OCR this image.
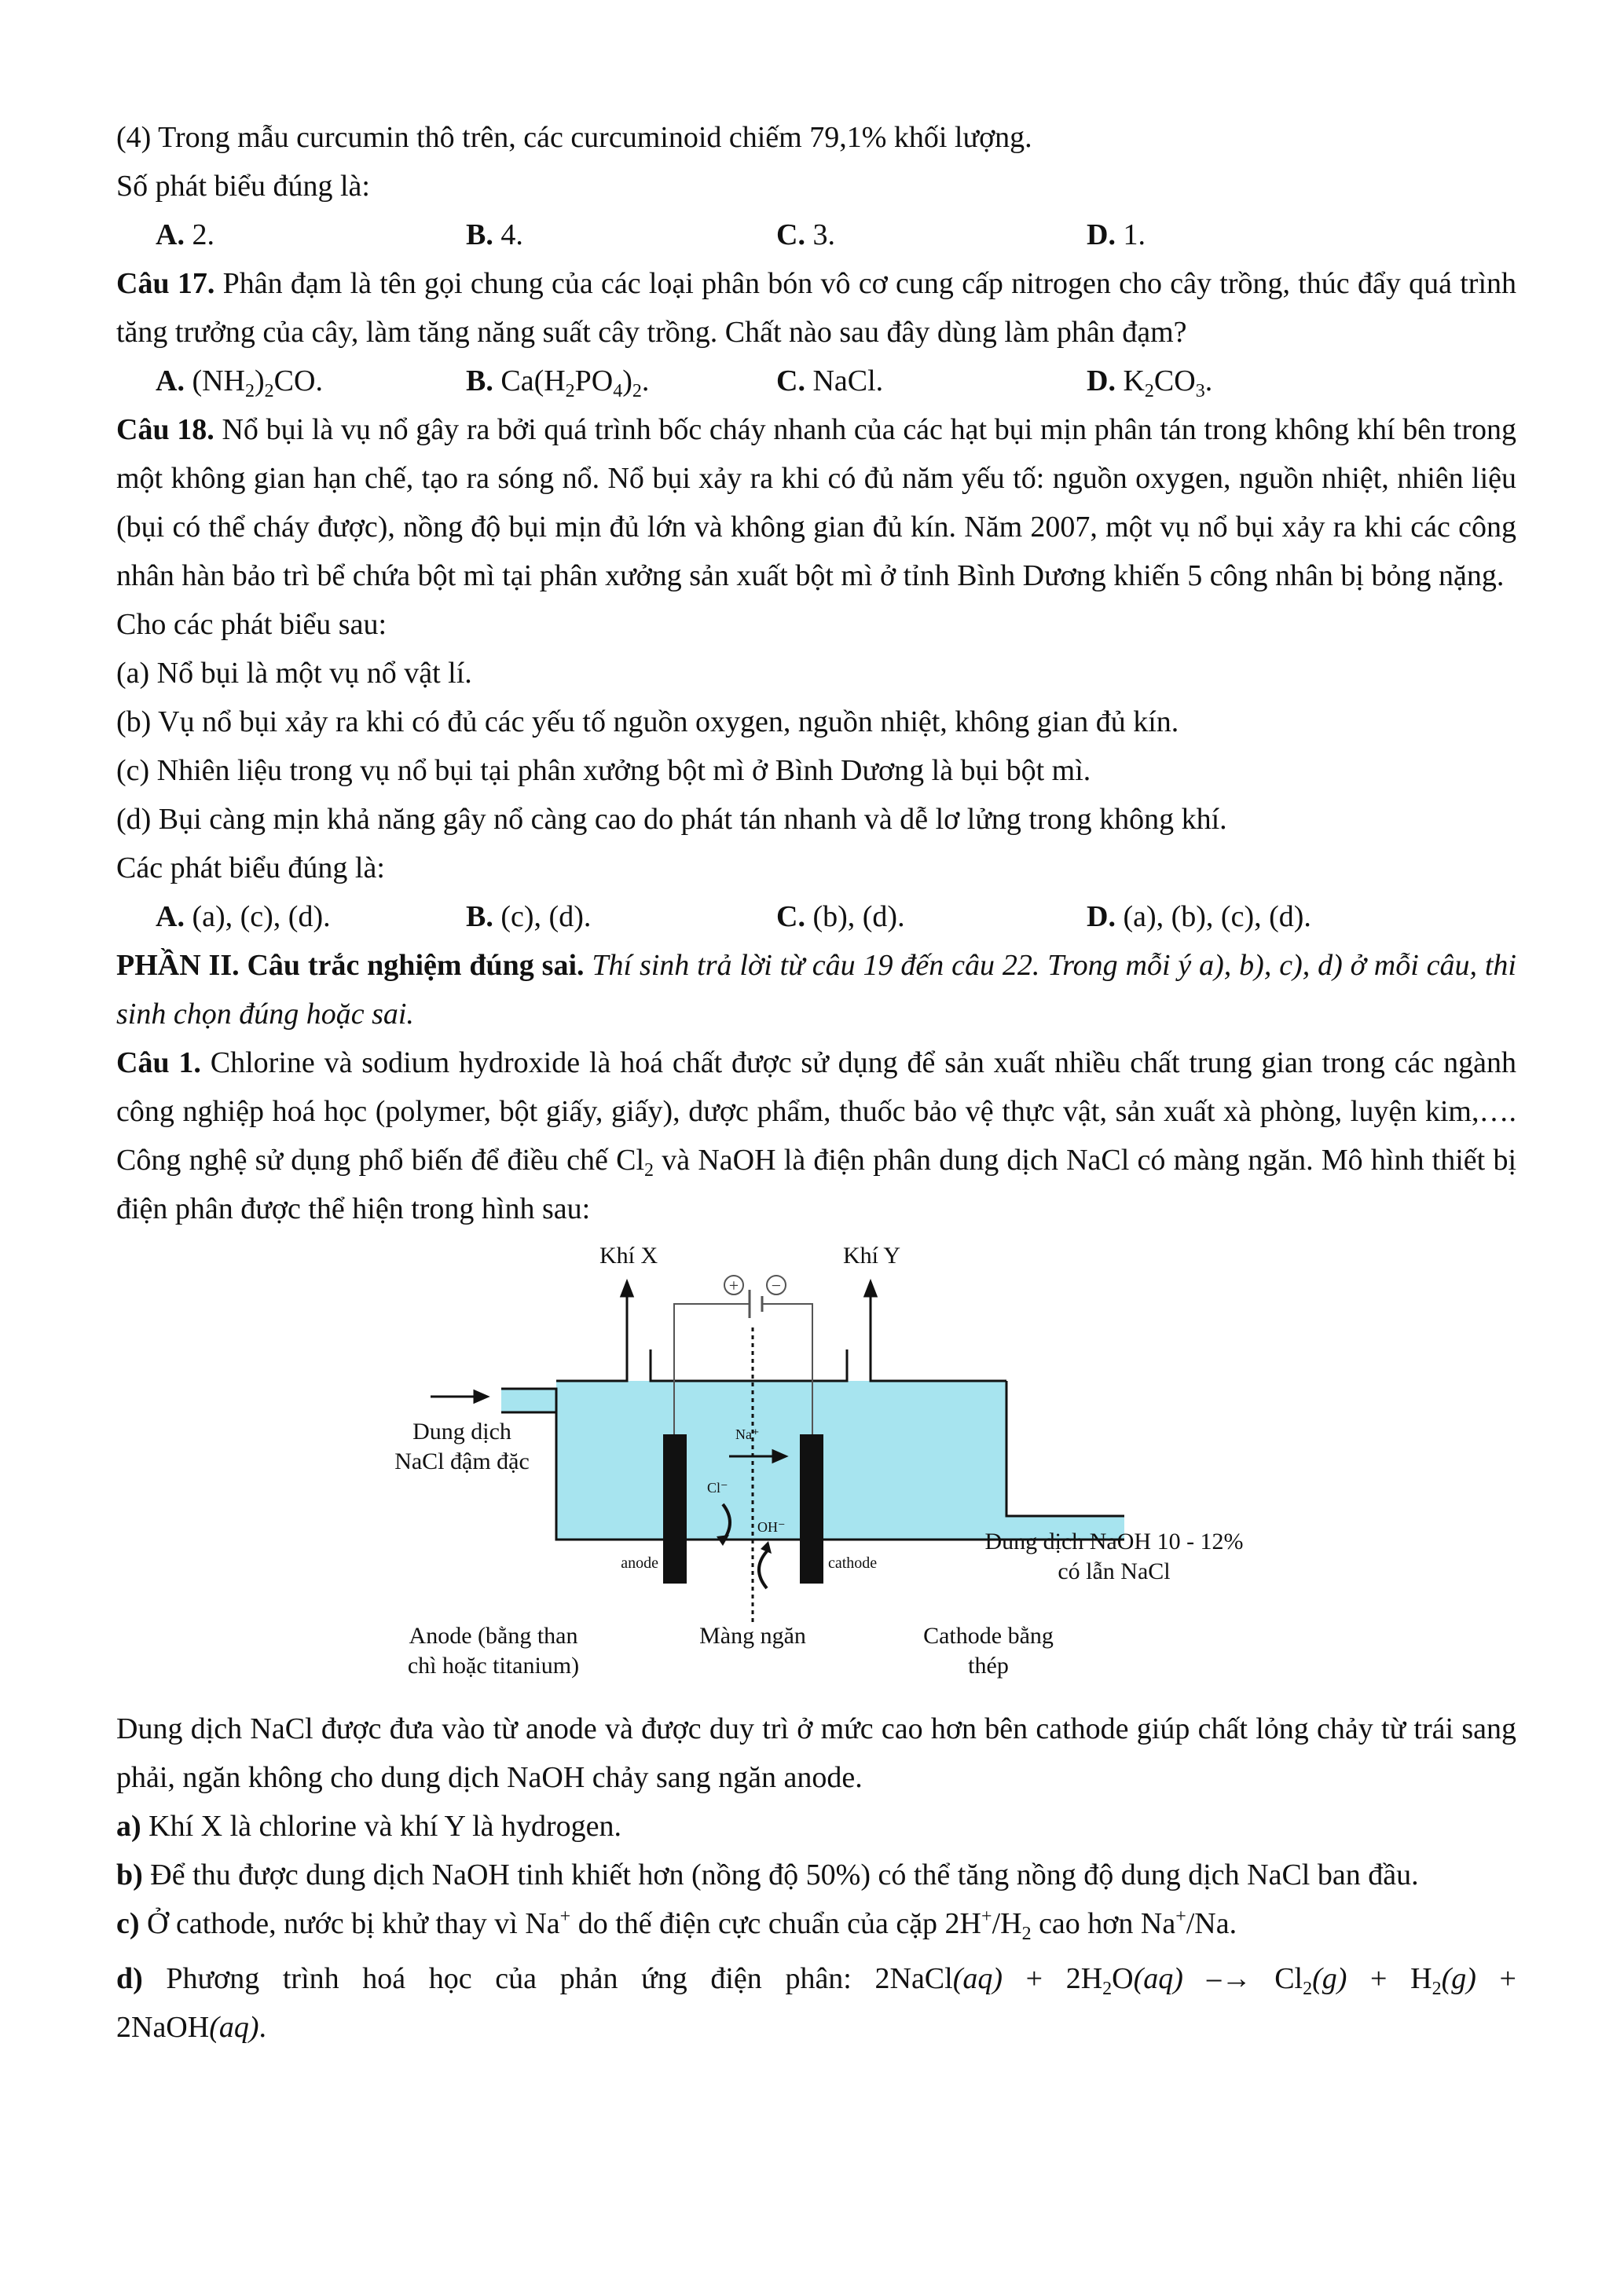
(4) Trong mẫu curcumin thô trên, các curcuminoid chiếm 79,1% khối lượng.

Số phát biểu đúng là:

A. 2.	B. 4.	C. 3.	D. 1.

Câu 17. Phân đạm là tên gọi chung của các loại phân bón vô cơ cung cấp nitrogen cho cây trồng, thúc đẩy quá trình tăng trưởng của cây, làm tăng năng suất cây trồng. Chất nào sau đây dùng làm phân đạm?

A. $(NH_2)_2CO$.	B. $Ca(H_2PO_4)_2$.	C. NaCl.	D. $K_2CO_3$.

Câu 18. Nổ bụi là vụ nổ gây ra bởi quá trình bốc cháy nhanh của các hạt bụi mịn phân tán trong không khí bên trong một không gian hạn chế, tạo ra sóng nổ. Nổ bụi xảy ra khi có đủ năm yếu tố: nguồn oxygen, nguồn nhiệt, nhiên liệu (bụi có thể cháy được), nồng độ bụi mịn đủ lớn và không gian đủ kín. Năm 2007, một vụ nổ bụi xảy ra khi các công nhân hàn bảo trì bể chứa bột mì tại phân xưởng sản xuất bột mì ở tỉnh Bình Dương khiến 5 công nhân bị bỏng nặng.

Cho các phát biểu sau:

(a) Nổ bụi là một vụ nổ vật lí.

(b) Vụ nổ bụi xảy ra khi có đủ các yếu tố nguồn oxygen, nguồn nhiệt, không gian đủ kín.

(c) Nhiên liệu trong vụ nổ bụi tại phân xưởng bột mì ở Bình Dương là bụi bột mì.

(d) Bụi càng mịn khả năng gây nổ càng cao do phát tán nhanh và dễ lơ lửng trong không khí.

Các phát biểu đúng là:

A. (a), (c), (d).	B. (c), (d).	C. (b), (d).	D. (a), (b), (c), (d).

PHẦN II. Câu trắc nghiệm đúng sai. Thí sinh trả lời từ câu 19 đến câu 22. Trong mỗi ý a), b), c), d) ở mỗi câu, thi sinh chọn đúng hoặc sai.

Câu 1. Chlorine và sodium hydroxide là hoá chất được sử dụng để sản xuất nhiều chất trung gian trong các ngành công nghiệp hoá học (polymer, bột giấy, giấy), dược phẩm, thuốc bảo vệ thực vật, sản xuất xà phòng, luyện kim,…. Công nghệ sử dụng phổ biến để điều chế $Cl_2$ và NaOH là điện phân dung dịch NaCl có màng ngăn. Mô hình thiết bị điện phân được thể hiện trong hình sau:

Khí X	Khí Y
+ −
anode	cathode
Na⁺
Cl⁻
OH⁻
Dung dịch
NaCl đậm đặc
Dung dịch NaOH 10 - 12%
có lẫn NaCl
Anode (bằng than
chì hoặc titanium)
Màng ngăn	Cathode bằng
thép

Dung dịch NaCl được đưa vào từ anode và được duy trì ở mức cao hơn bên cathode giúp chất lỏng chảy từ trái sang phải, ngăn không cho dung dịch NaOH chảy sang ngăn anode.

a) Khí X là chlorine và khí Y là hydrogen.

b) Để thu được dung dịch NaOH tinh khiết hơn (nồng độ 50%) có thể tăng nồng độ dung dịch NaCl ban đầu.

c) Ở cathode, nước bị khử thay vì Na+ do thế điện cực chuẩn của cặp $2H^+/H_2$ cao hơn Na+/Na.

d) Phương trình hoá học của phản ứng điện phân: 2NaCl(aq) + $2H_2O(aq)$ ⎯→ $Cl_2(g) + H_2(g)$ +

2NaOH(aq).
